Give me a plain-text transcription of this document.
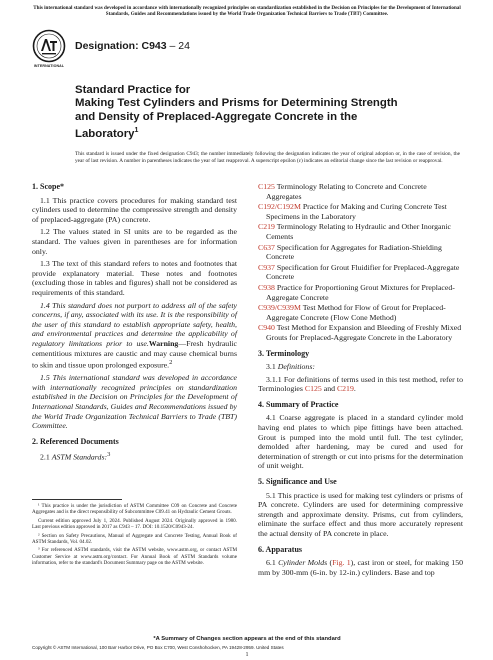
This international standard was developed in accordance with internationally recognized principles on standardization established in the Decision on Principles for the Development of International Standards, Guides and Recommendations issued by the World Trade Organization Technical Barriers to Trade (TBT) Committee.
INTERNATIONAL
Designation: C943 – 24
Standard Practice for
Making Test Cylinders and Prisms for Determining Strength
and Density of Preplaced-Aggregate Concrete in the
Laboratory$^1$
This standard is issued under the fixed designation C943; the number immediately following the designation indicates the year of original adoption or, in the case of revision, the year of last revision. A number in parentheses indicates the year of last reapproval. A superscript epsilon (ε) indicates an editorial change since the last revision or reapproval.
1. Scope*

1.1 This practice covers procedures for making standard test cylinders used to determine the compressive strength and density of preplaced-aggregate (PA) concrete.

1.2 The values stated in SI units are to be regarded as the standard. The values given in parentheses are for information only.

1.3 The text of this standard refers to notes and footnotes that provide explanatory material. These notes and footnotes (excluding those in tables and figures) shall not be considered as requirements of this standard.

1.4 This standard does not purport to address all of the safety concerns, if any, associated with its use. It is the responsibility of the user of this standard to establish appropriate safety, health, and environmental practices and determine the applicability of regulatory limitations prior to use.Warning—Fresh hydraulic cementitious mixtures are caustic and may cause chemical burns to skin and tissue upon prolonged exposure.$^2$

1.5 This international standard was developed in accordance with internationally recognized principles on standardization established in the Decision on Principles for the Development of International Standards, Guides and Recommendations issued by the World Trade Organization Technical Barriers to Trade (TBT) Committee.

2. Referenced Documents

2.1 ASTM Standards:$^3$

C125 Terminology Relating to Concrete and Concrete Aggregates
C192/C192M Practice for Making and Curing Concrete Test Specimens in the Laboratory
C219 Terminology Relating to Hydraulic and Other Inorganic Cements
C637 Specification for Aggregates for Radiation-Shielding Concrete
C937 Specification for Grout Fluidifier for Preplaced-Aggregate Concrete
C938 Practice for Proportioning Grout Mixtures for Preplaced-Aggregate Concrete
C939/C939M Test Method for Flow of Grout for Preplaced-Aggregate Concrete (Flow Cone Method)
C940 Test Method for Expansion and Bleeding of Freshly Mixed Grouts for Preplaced-Aggregate Concrete in the Laboratory
3. Terminology

3.1 Definitions:

3.1.1 For definitions of terms used in this test method, refer to Terminologies C125 and C219.

4. Summary of Practice

4.1 Coarse aggregate is placed in a standard cylinder mold having end plates to which pipe fittings have been attached. Grout is pumped into the mold until full. The test cylinder, demolded after hardening, may be cured and used for determination of strength or cut into prisms for the determination of unit weight.

5. Significance and Use

5.1 This practice is used for making test cylinders or prisms of PA concrete. Cylinders are used for determining compressive strength and approximate density. Prisms, cut from cylinders, eliminate the surface effect and thus more accurately represent the actual density of PA concrete in place.

6. Apparatus

6.1 Cylinder Molds (Fig. 1), cast iron or steel, for making 150 mm by 300-mm (6-in. by 12-in.) cylinders. Base and top

¹ This practice is under the jurisdiction of ASTM Committee C09 on Concrete and Concrete Aggregates and is the direct responsibility of Subcommittee C09.41 on Hydraulic Cement Grouts.

Current edition approved July 1, 2024. Published August 2024. Originally approved in 1980. Last previous edition approved in 2017 as C943 – 17. DOI: 10.1520/C0943-24.

² Section on Safety Precautions, Manual of Aggregate and Concrete Testing, Annual Book of ASTM Standards, Vol. 04.02.

³ For referenced ASTM standards, visit the ASTM website, www.astm.org, or contact ASTM Customer Service at www.astm.org/contact. For Annual Book of ASTM Standards volume information, refer to the standard's Document Summary page on the ASTM website.

*A Summary of Changes section appears at the end of this standard
Copyright © ASTM International, 100 Barr Harbor Drive, PO Box C700, West Conshohocken, PA 19428-2959. United States
1
